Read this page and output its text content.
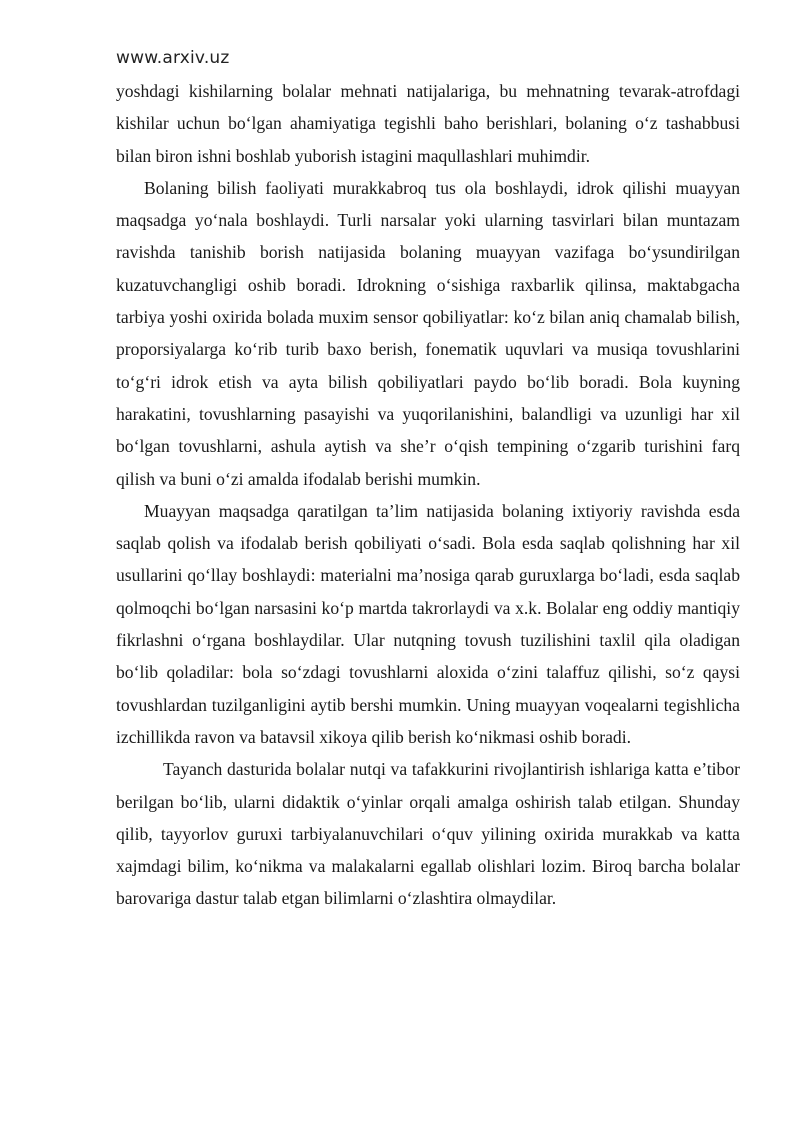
www.arxiv.uz

yoshdagi kishilarning bolalar mehnati natijalariga, bu mehnatning tevarak-atrofdagi kishilar uchun bo‘lgan ahamiyatiga tegishli baho berishlari, bolaning o‘z tashabbusi bilan biron ishni boshlab yuborish istagini maqullashlari muhimdir.

Bolaning bilish faoliyati murakkabroq tus ola boshlaydi, idrok qilishi muayyan maqsadga yo‘nala boshlaydi. Turli narsalar yoki ularning tasvirlari bilan muntazam ravishda tanishib borish natijasida bolaning muayyan vazifaga bo‘ysundirilgan kuzatuvchangligi oshib boradi. Idrokning o‘sishiga raxbarlik qilinsa, maktabgacha tarbiya yoshi oxirida bolada muxim sensor qobiliyatlar: ko‘z bilan aniq chamalab bilish, proporsiyalarga ko‘rib turib baxo berish, fonematik uquvlari va musiqa tovushlarini to‘g‘ri idrok etish va ayta bilish qobiliyatlari paydo bo‘lib boradi. Bola kuyning harakatini, tovushlarning pasayishi va yuqorilanishini, balandligi va uzunligi har xil bo‘lgan tovushlarni, ashula aytish va she’r o‘qish tempining o‘zgarib turishini farq qilish va buni o‘zi amalda ifodalab berishi mumkin.

Muayyan maqsadga qaratilgan ta’lim natijasida bolaning ixtiyoriy ravishda esda saqlab qolish va ifodalab berish qobiliyati o‘sadi. Bola esda saqlab qolishning har xil usullarini qo‘llay boshlaydi: materialni ma’nosiga qarab guruxlarga bo‘ladi, esda saqlab qolmoqchi bo‘lgan narsasini ko‘p martda takrorlaydi va x.k. Bolalar eng oddiy mantiqiy fikrlashni o‘rgana boshlaydilar. Ular nutqning tovush tuzilishini taxlil qila oladigan bo‘lib qoladilar: bola so‘zdagi tovushlarni aloxida o‘zini talaffuz qilishi, so‘z qaysi tovushlardan tuzilganligini aytib bershi mumkin. Uning muayyan voqealarni tegishlicha izchillikda ravon va batavsil xikoya qilib berish ko‘nikmasi oshib boradi.

Tayanch dasturida bolalar nutqi va tafakkurini rivojlantirish ishlariga katta e’tibor berilgan bo‘lib, ularni didaktik o‘yinlar orqali amalga oshirish talab etilgan. Shunday qilib, tayyorlov guruxi tarbiyalanuvchilari o‘quv yilining oxirida murakkab va katta xajmdagi bilim, ko‘nikma va malakalarni egallab olishlari lozim. Biroq barcha bolalar barovariga dastur talab etgan bilimlarni o‘zlashtira olmaydilar.
